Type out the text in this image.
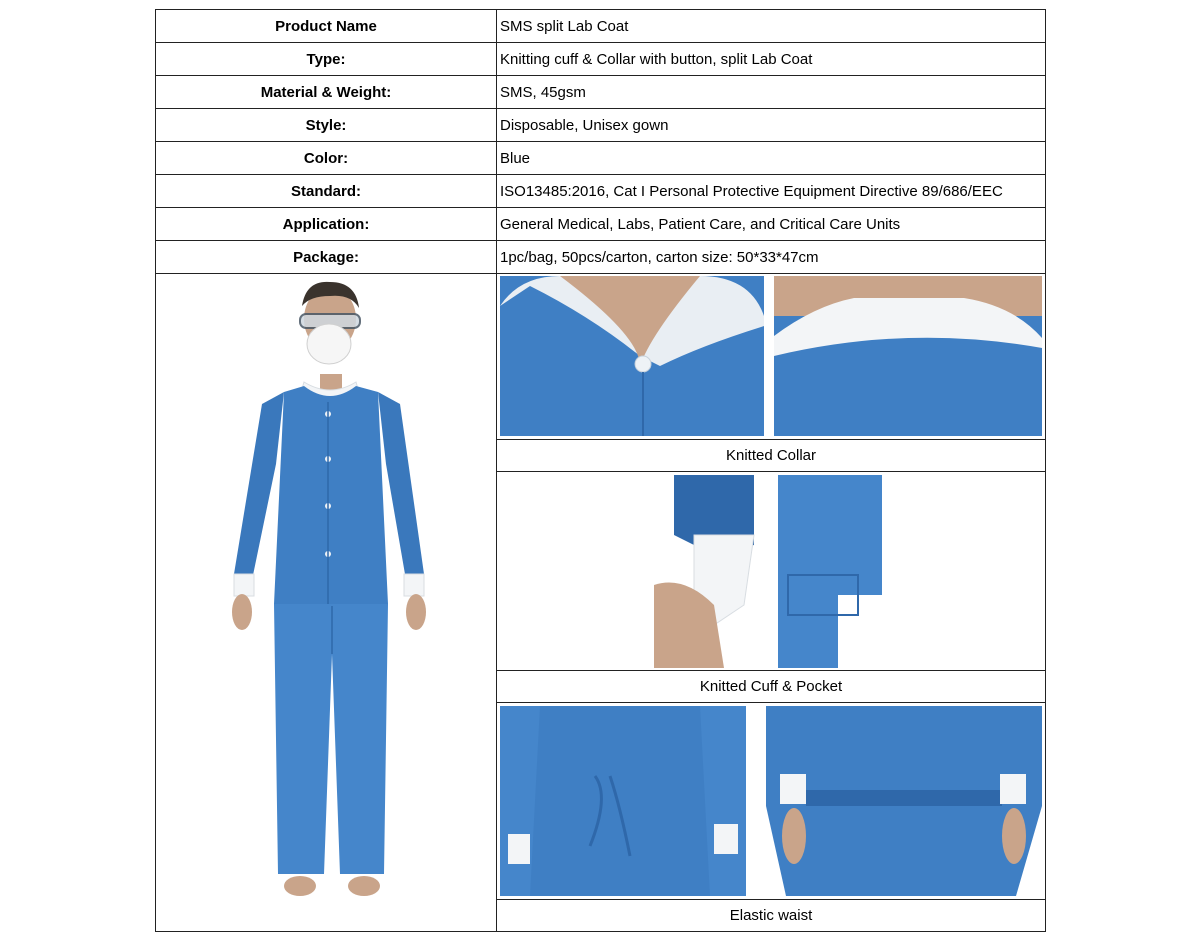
Product Name	SMS split Lab Coat
Type:	Knitting cuff & Collar with button, split Lab Coat
Material & Weight:	SMS, 45gsm
Style:	Disposable, Unisex gown
Color:	Blue
Standard:	ISO13485:2016, Cat I Personal Protective Equipment Directive 89/686/EEC
Application:	General Medical, Labs, Patient Care, and Critical Care Units
Package:	1pc/bag, 50pcs/carton, carton size: 50*33*47cm

	Knitted Collar

	Knitted Cuff & Pocket

	Elastic waist
